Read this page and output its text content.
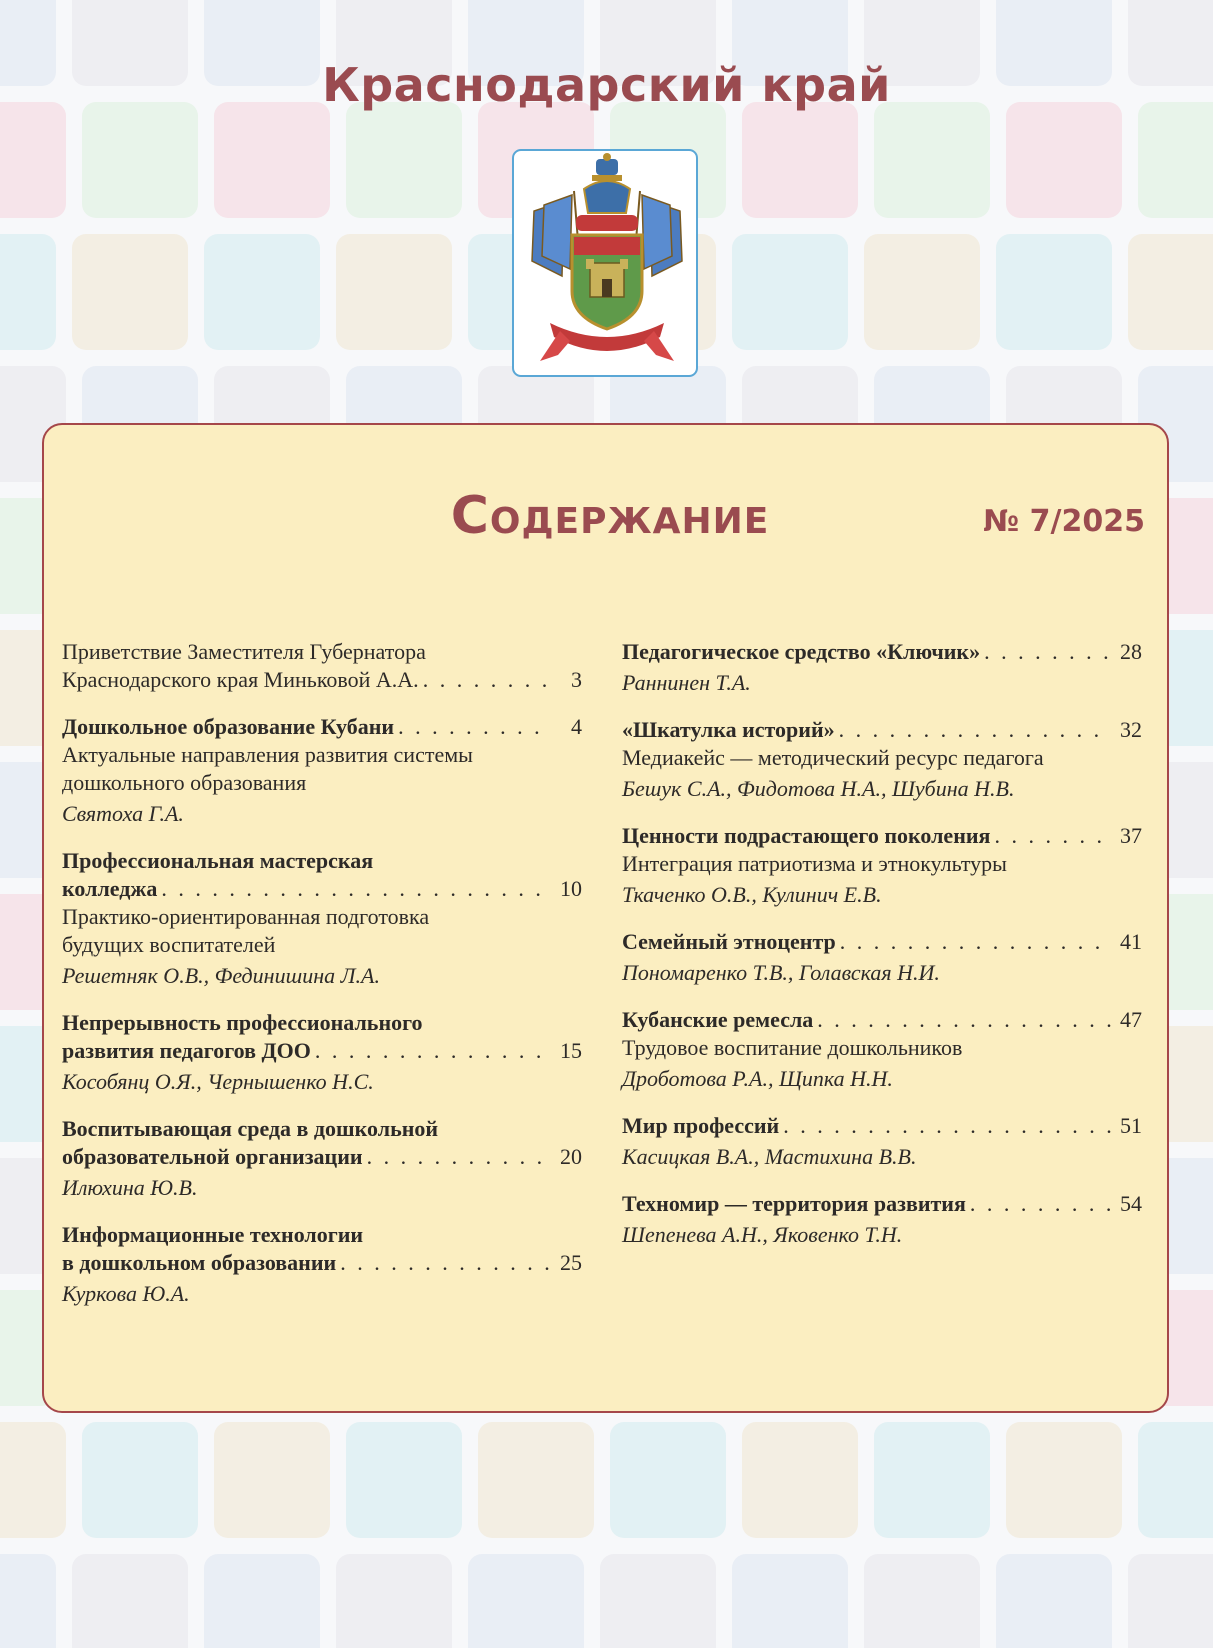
Краснодарский край
Содержание	№ 7/2025
Приветствие Заместителя Губернатора
Краснодарского края Миньковой А.А. . . .	3
Дошкольное образование Кубани . . .	4
Актуальные направления развития системы
дошкольного образования
Святоха Г.А.
Профессиональная мастерская
колледжа . . .	10
Практико-ориентированная подготовка
будущих воспитателей
Решетняк О.В., Фединишина Л.А.
Непрерывность профессионального
развития педагогов ДОО . . .	15
Кособянц О.Я., Чернышенко Н.С.
Воспитывающая среда в дошкольной
образовательной организации . . .	20
Илюхина Ю.В.
Информационные технологии
в дошкольном образовании . . .	25
Куркова Ю.А.
Педагогическое средство «Ключик» . . .	28
Раннинен Т.А.
«Шкатулка историй» . . .	32
Медиакейс — методический ресурс педагога
Бешук С.А., Фидотова Н.А., Шубина Н.В.
Ценности подрастающего поколения . . .	37
Интеграция патриотизма и этнокультуры
Ткаченко О.В., Кулинич Е.В.
Семейный этноцентр . . .	41
Пономаренко Т.В., Голавская Н.И.
Кубанские ремесла . . .	47
Трудовое воспитание дошкольников
Дроботова Р.А., Щипка Н.Н.
Мир профессий . . .	51
Касицкая В.А., Мастихина В.В.
Техномир — территория развития . . .	54
Шепенева А.Н., Яковенко Т.Н.
